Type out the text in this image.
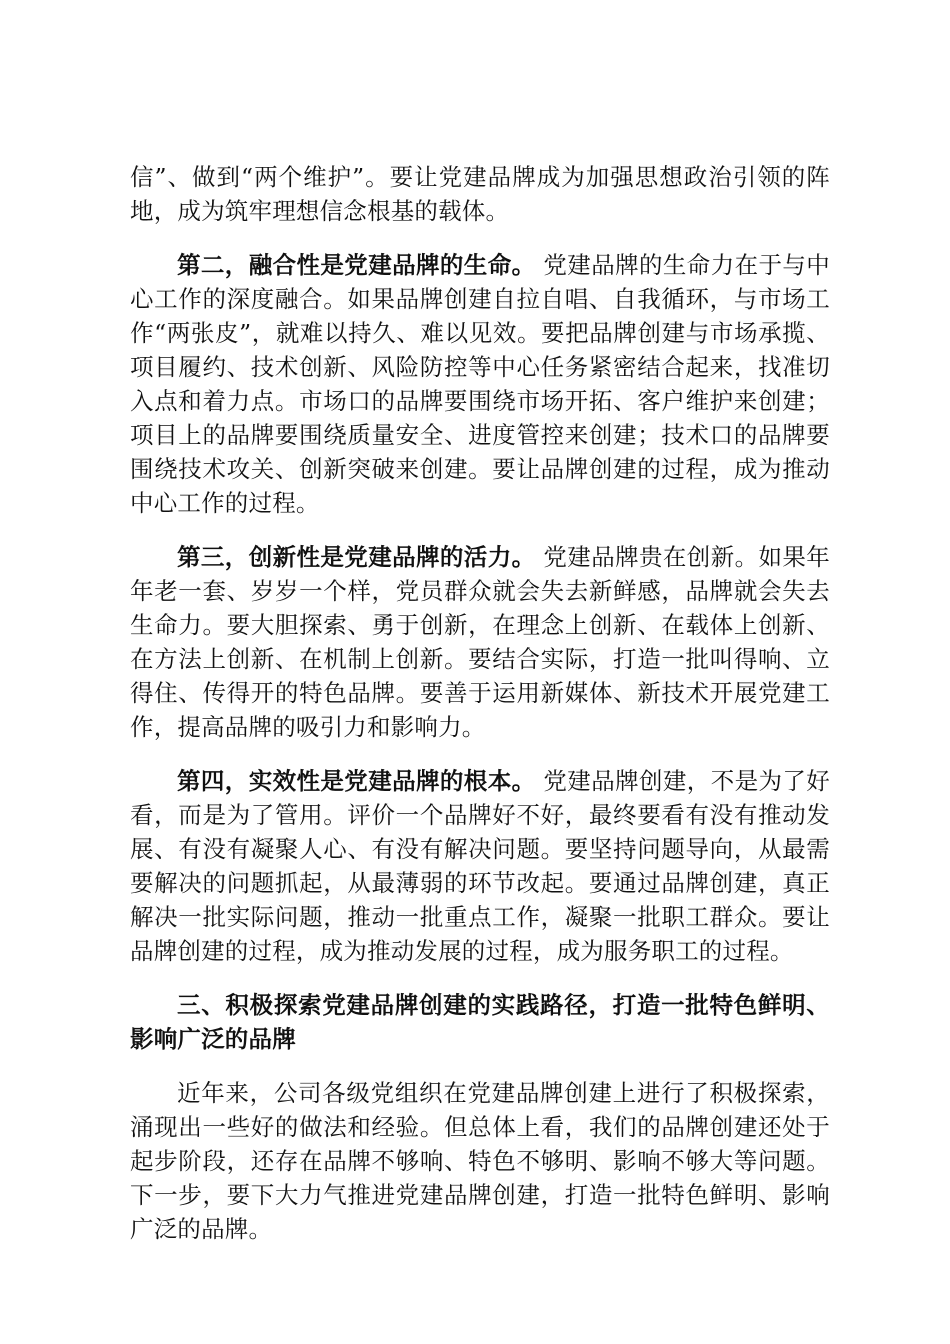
信”、做到“两个维护”。要让党建品牌成为加强思想政治引领的阵地，成为筑牢理想信念根基的载体。

第二，融合性是党建品牌的生命。 党建品牌的生命力在于与中心工作的深度融合。如果品牌创建自拉自唱、自我循环，与市场工作“两张皮”，就难以持久、难以见效。要把品牌创建与市场承揽、项目履约、技术创新、风险防控等中心任务紧密结合起来，找准切入点和着力点。市场口的品牌要围绕市场开拓、客户维护来创建；项目上的品牌要围绕质量安全、进度管控来创建；技术口的品牌要围绕技术攻关、创新突破来创建。要让品牌创建的过程，成为推动中心工作的过程。

第三，创新性是党建品牌的活力。 党建品牌贵在创新。如果年年老一套、岁岁一个样，党员群众就会失去新鲜感，品牌就会失去生命力。要大胆探索、勇于创新，在理念上创新、在载体上创新、在方法上创新、在机制上创新。要结合实际，打造一批叫得响、立得住、传得开的特色品牌。要善于运用新媒体、新技术开展党建工作，提高品牌的吸引力和影响力。

第四，实效性是党建品牌的根本。 党建品牌创建，不是为了好看，而是为了管用。评价一个品牌好不好，最终要看有没有推动发展、有没有凝聚人心、有没有解决问题。要坚持问题导向，从最需要解决的问题抓起，从最薄弱的环节改起。要通过品牌创建，真正解决一批实际问题，推动一批重点工作，凝聚一批职工群众。要让品牌创建的过程，成为推动发展的过程，成为服务职工的过程。

三、积极探索党建品牌创建的实践路径，打造一批特色鲜明、影响广泛的品牌

近年来，公司各级党组织在党建品牌创建上进行了积极探索，涌现出一些好的做法和经验。但总体上看，我们的品牌创建还处于起步阶段，还存在品牌不够响、特色不够明、影响不够大等问题。下一步，要下大力气推进党建品牌创建，打造一批特色鲜明、影响广泛的品牌。
